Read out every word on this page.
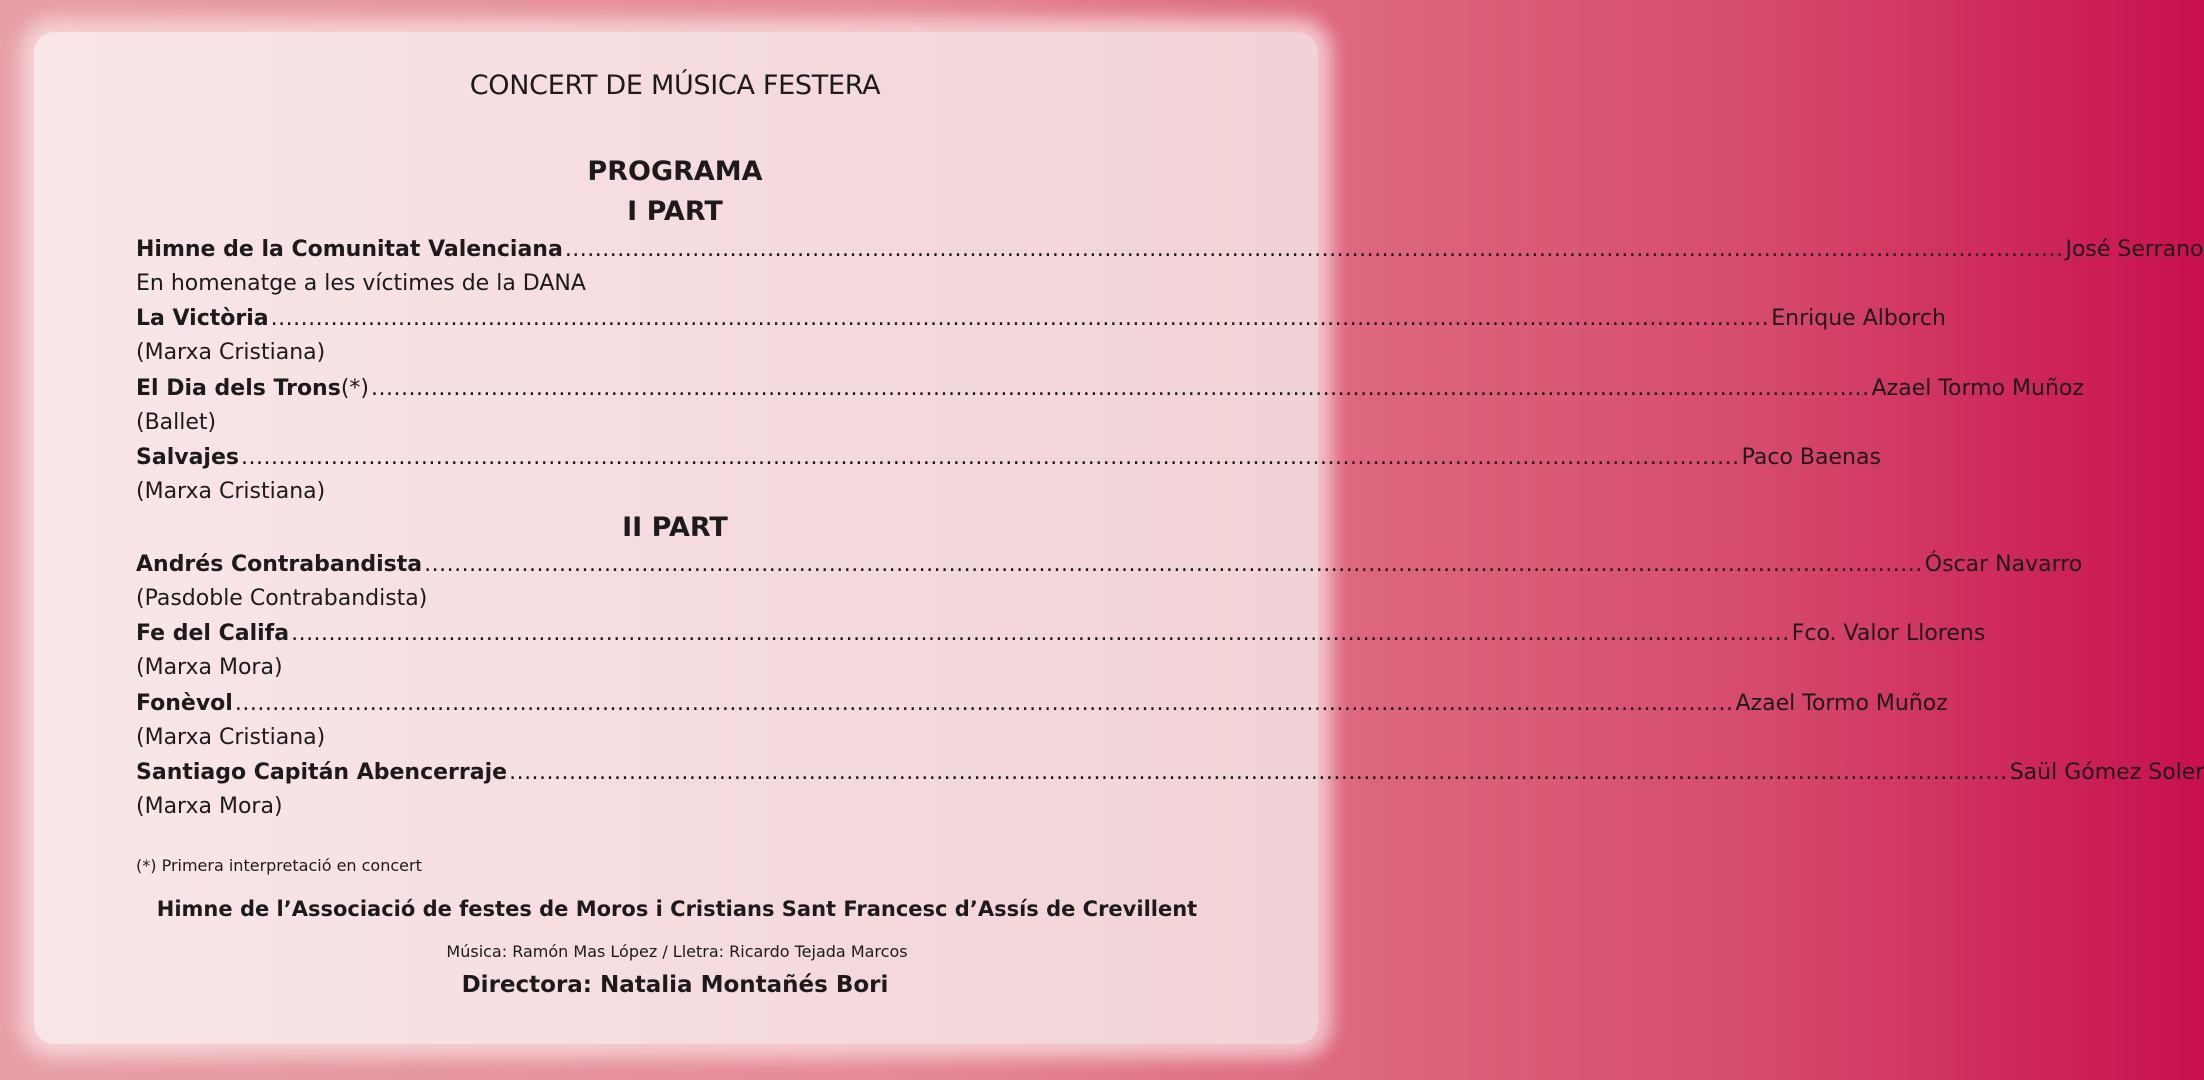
CONCERT DE MÚSICA FESTERA
PROGRAMA
I PART
Himne de la Comunitat Valenciana ........................................................................................................................................................................................................ José Serrano
En homenatge a les víctimes de la DANA
La Victòria ........................................................................................................................................................................................................ Enrique Alborch
(Marxa Cristiana)
El Dia dels Trons (*) ........................................................................................................................................................................................................ Azael Tormo Muñoz
(Ballet)
Salvajes ........................................................................................................................................................................................................ Paco Baenas
(Marxa Cristiana)
II PART
Andrés Contrabandista ........................................................................................................................................................................................................ Óscar Navarro
(Pasdoble Contrabandista)
Fe del Califa ........................................................................................................................................................................................................ Fco. Valor Llorens
(Marxa Mora)
Fonèvol ........................................................................................................................................................................................................ Azael Tormo Muñoz
(Marxa Cristiana)
Santiago Capitán Abencerraje ........................................................................................................................................................................................................ Saül Gómez Soler
(Marxa Mora)
(*) Primera interpretació en concert
Himne de l’Associació de festes de Moros i Cristians Sant Francesc d’Assís de Crevillent
Música: Ramón Mas López / Lletra: Ricardo Tejada Marcos
Directora: Natalia Montañés Bori
